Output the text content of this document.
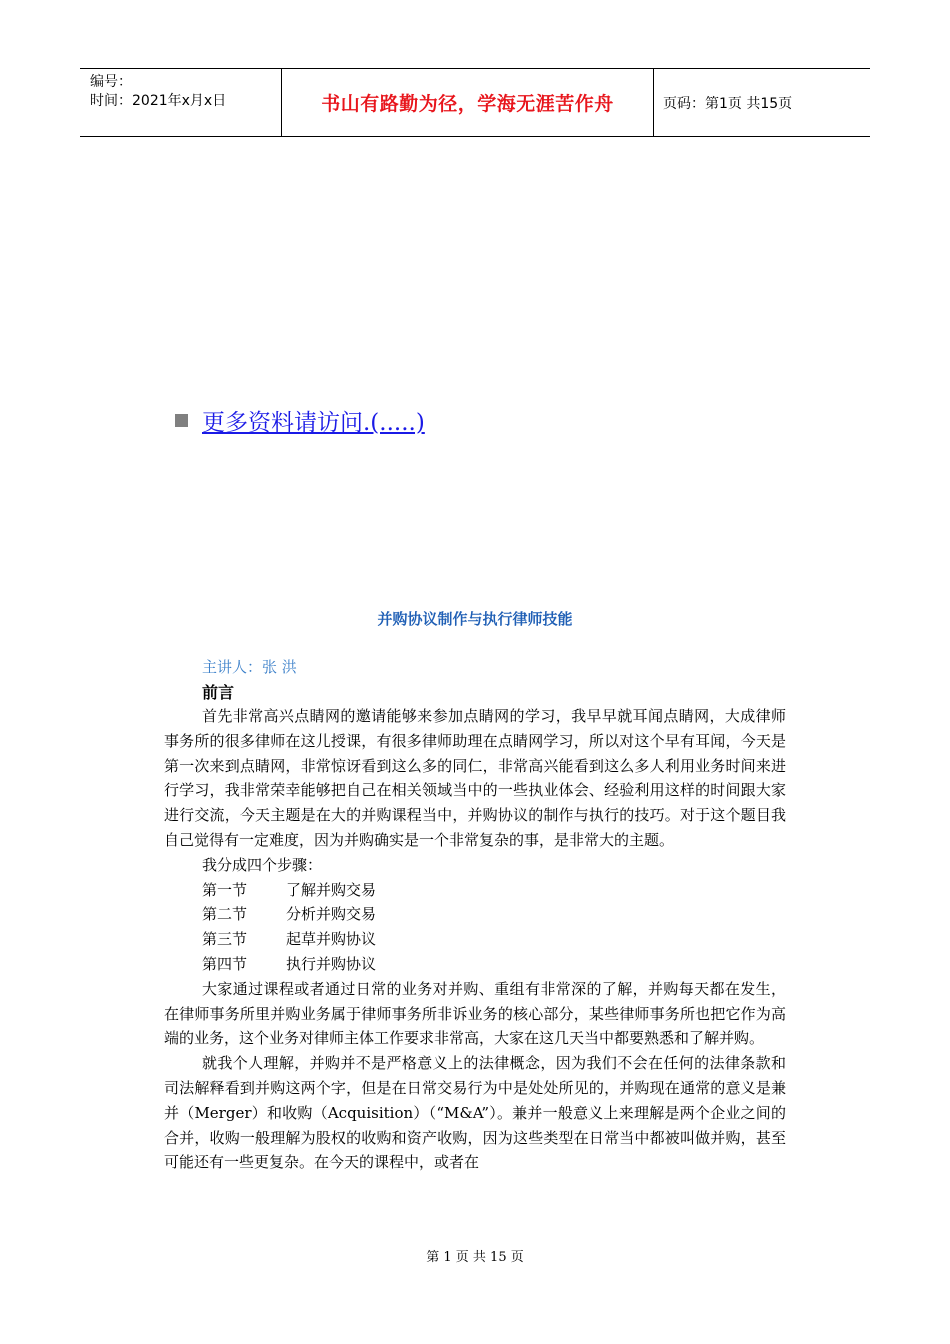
编号：
时间：2021年x月x日	书山有路勤为径，学海无涯苦作舟	页码：第1页 共15页
更多资料请访问.(.....)
并购协议制作与执行律师技能
主讲人：张 洪
前言

首先非常高兴点睛网的邀请能够来参加点睛网的学习，我早早就耳闻点睛网，大成律师事务所的很多律师在这儿授课，有很多律师助理在点睛网学习，所以对这个早有耳闻，今天是第一次来到点睛网，非常惊讶看到这么多的同仁，非常高兴能看到这么多人利用业务时间来进行学习，我非常荣幸能够把自己在相关领域当中的一些执业体会、经验利用这样的时间跟大家进行交流，今天主题是在大的并购课程当中，并购协议的制作与执行的技巧。对于这个题目我自己觉得有一定难度，因为并购确实是一个非常复杂的事，是非常大的主题。

我分成四个步骤：

第一节	了解并购交易
第二节	分析并购交易
第三节	起草并购协议
第四节	执行并购协议

大家通过课程或者通过日常的业务对并购、重组有非常深的了解，并购每天都在发生，在律师事务所里并购业务属于律师事务所非诉业务的核心部分，某些律师事务所也把它作为高端的业务，这个业务对律师主体工作要求非常高，大家在这几天当中都要熟悉和了解并购。

就我个人理解，并购并不是严格意义上的法律概念，因为我们不会在任何的法律条款和司法解释看到并购这两个字，但是在日常交易行为中是处处所见的，并购现在通常的意义是兼并（Merger）和收购（Acquisition）（“M&A”）。兼并一般意义上来理解是两个企业之间的合并，收购一般理解为股权的收购和资产收购，因为这些类型在日常当中都被叫做并购，甚至可能还有一些更复杂。在今天的课程中，或者在

第 1 页 共 15 页
